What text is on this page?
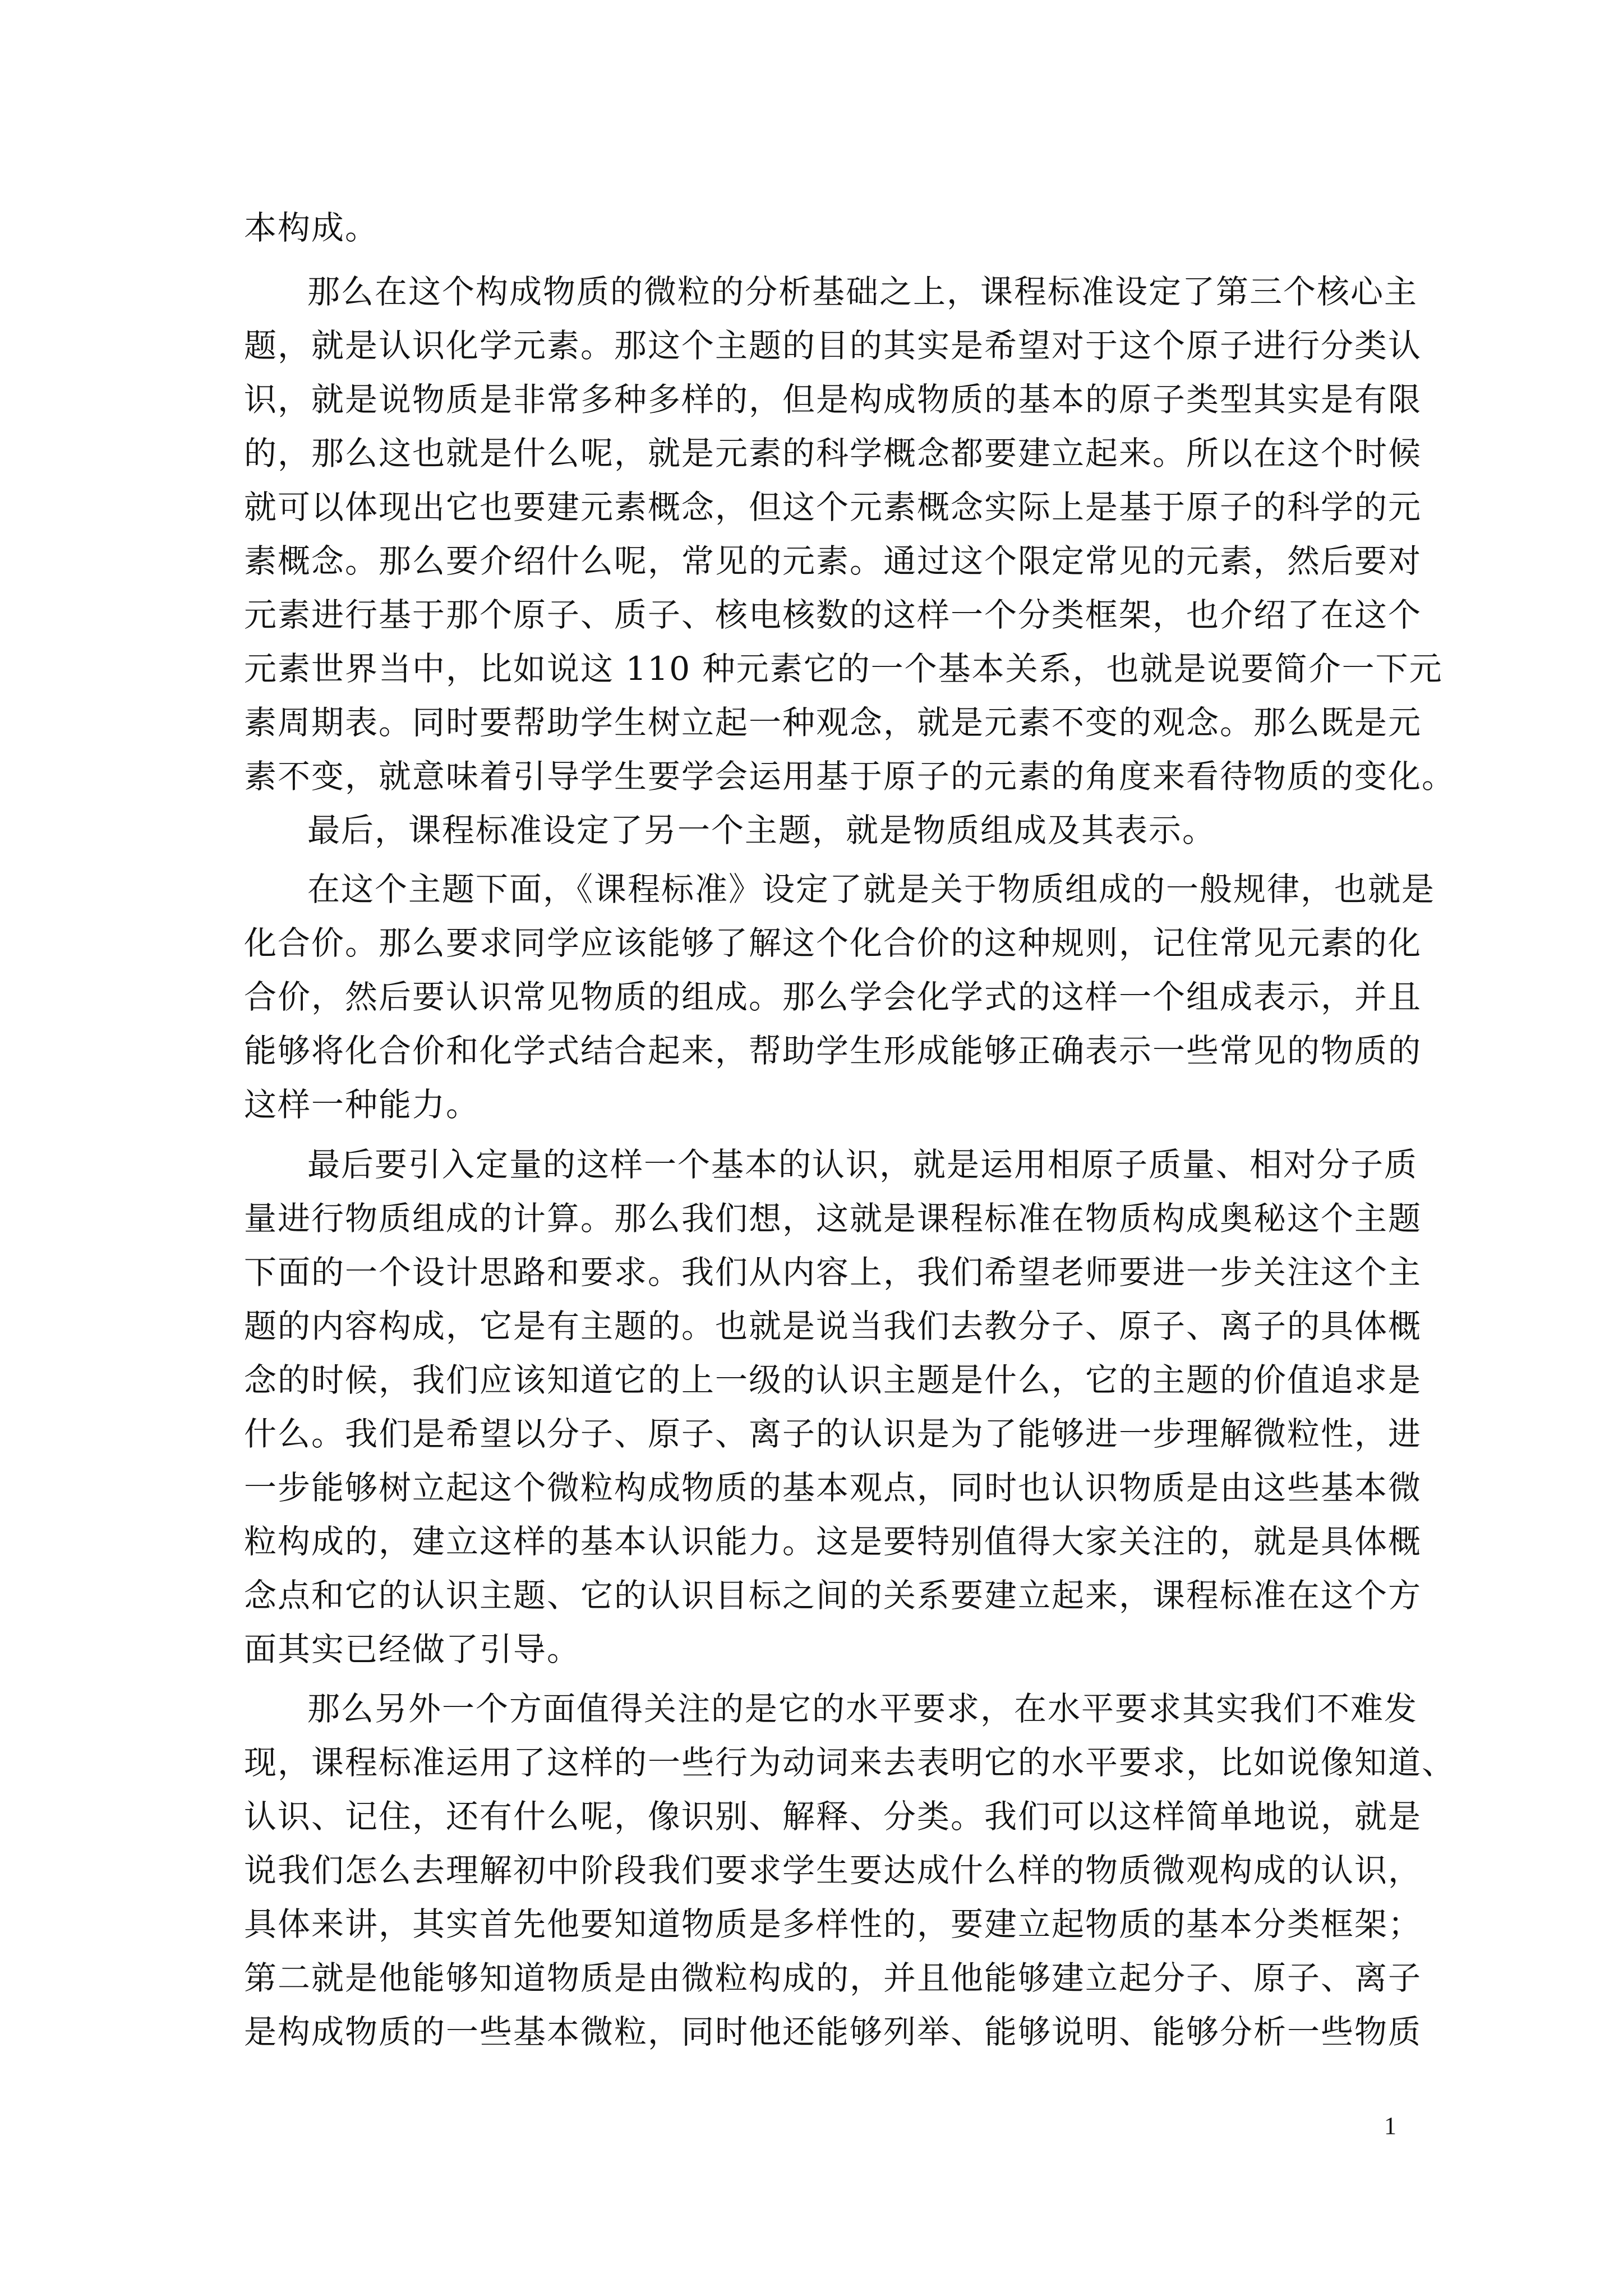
本构成。
那么在这个构成物质的微粒的分析基础之上，课程标准设定了第三个核心主
题，就是认识化学元素。那这个主题的目的其实是希望对于这个原子进行分类认
识，就是说物质是非常多种多样的，但是构成物质的基本的原子类型其实是有限
的，那么这也就是什么呢，就是元素的科学概念都要建立起来。所以在这个时候
就可以体现出它也要建元素概念，但这个元素概念实际上是基于原子的科学的元
素概念。那么要介绍什么呢，常见的元素。通过这个限定常见的元素，然后要对
元素进行基于那个原子、质子、核电核数的这样一个分类框架，也介绍了在这个
元素世界当中，比如说这 110 种元素它的一个基本关系，也就是说要简介一下元
素周期表。同时要帮助学生树立起一种观念，就是元素不变的观念。那么既是元
素不变，就意味着引导学生要学会运用基于原子的元素的角度来看待物质的变化。
最后，课程标准设定了另一个主题，就是物质组成及其表示。
在这个主题下面，《课程标准》设定了就是关于物质组成的一般规律，也就是
化合价。那么要求同学应该能够了解这个化合价的这种规则，记住常见元素的化
合价，然后要认识常见物质的组成。那么学会化学式的这样一个组成表示，并且
能够将化合价和化学式结合起来，帮助学生形成能够正确表示一些常见的物质的
这样一种能力。
最后要引入定量的这样一个基本的认识，就是运用相原子质量、相对分子质
量进行物质组成的计算。那么我们想，这就是课程标准在物质构成奥秘这个主题
下面的一个设计思路和要求。我们从内容上，我们希望老师要进一步关注这个主
题的内容构成，它是有主题的。也就是说当我们去教分子、原子、离子的具体概
念的时候，我们应该知道它的上一级的认识主题是什么，它的主题的价值追求是
什么。我们是希望以分子、原子、离子的认识是为了能够进一步理解微粒性，进
一步能够树立起这个微粒构成物质的基本观点，同时也认识物质是由这些基本微
粒构成的，建立这样的基本认识能力。这是要特别值得大家关注的，就是具体概
念点和它的认识主题、它的认识目标之间的关系要建立起来，课程标准在这个方
面其实已经做了引导。
那么另外一个方面值得关注的是它的水平要求，在水平要求其实我们不难发
现，课程标准运用了这样的一些行为动词来去表明它的水平要求，比如说像知道、
认识、记住，还有什么呢，像识别、解释、分类。我们可以这样简单地说，就是
说我们怎么去理解初中阶段我们要求学生要达成什么样的物质微观构成的认识，
具体来讲，其实首先他要知道物质是多样性的，要建立起物质的基本分类框架；
第二就是他能够知道物质是由微粒构成的，并且他能够建立起分子、原子、离子
是构成物质的一些基本微粒，同时他还能够列举、能够说明、能够分析一些物质
1
